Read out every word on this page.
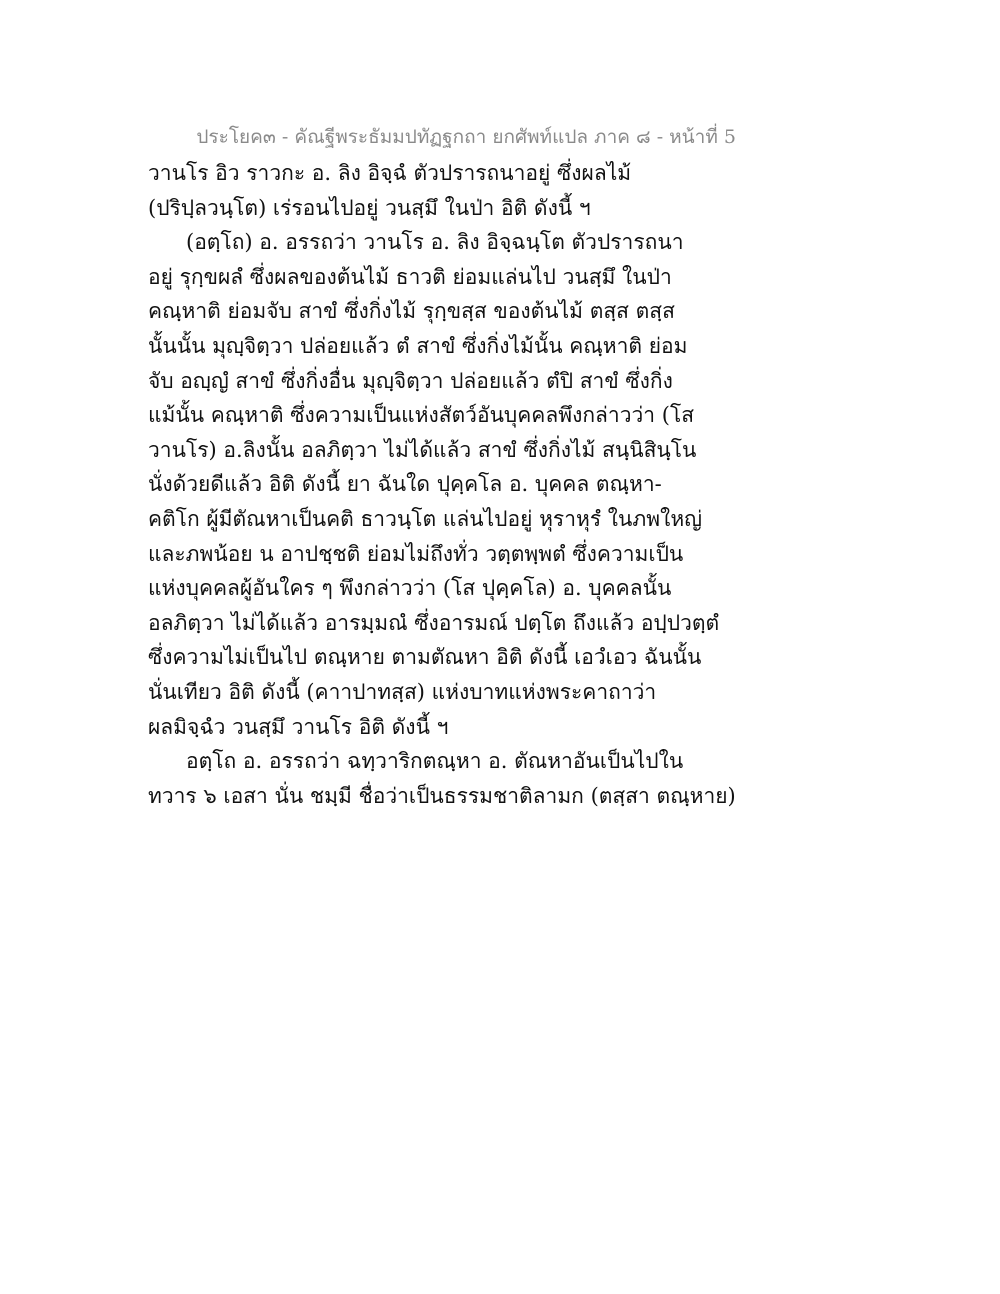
ประโยค๓ - คัณฐีพระธัมมปทัฏฐกถา ยกศัพท์แปล ภาค ๘ - หน้าที่ 5
วานโร อิว ราวกะ อ. ลิง อิจฺฉํ ตัวปรารถนาอยู่ ซึ่งผลไม้
(ปริปฺลวนฺโต) เร่รอนไปอยู่ วนสฺมึ ในป่า อิติ ดังนี้ ฯ
(อตฺโถ) อ. อรรถว่า วานโร อ. ลิง อิจฺฉนฺโต ตัวปรารถนา
อยู่ รุกฺขผลํ ซึ่งผลของต้นไม้ ธาวติ ย่อมแล่นไป วนสฺมึ ในป่า
คณฺหาติ ย่อมจับ สาขํ ซึ่งกิ่งไม้ รุกฺขสฺส ของต้นไม้ ตสฺส ตสฺส
นั้นนั้น มุญฺจิตฺวา ปล่อยแล้ว ตํ สาขํ ซึ่งกิ่งไม้นั้น คณฺหาติ ย่อม
จับ อญฺญํ สาขํ ซึ่งกิ่งอื่น มุญฺจิตฺวา ปล่อยแล้ว ตํปิ สาขํ ซึ่งกิ่ง
แม้นั้น คณฺหาติ ซึ่งความเป็นแห่งสัตว์อันบุคคลพึงกล่าวว่า (โส
วานโร) อ.ลิงนั้น อลภิตฺวา ไม่ได้แล้ว สาขํ ซึ่งกิ่งไม้ สนฺนิสินฺโน
นั่งด้วยดีแล้ว อิติ ดังนี้ ยา ฉันใด ปุคฺคโล อ. บุคคล ตณฺหา-
คติโก ผู้มีตัณหาเป็นคติ ธาวนฺโต แล่นไปอยู่ หุราหุรํ ในภพใหญ่
และภพน้อย น อาปชฺชติ ย่อมไม่ถึงทั่ว วตฺตพฺพตํ ซึ่งความเป็น
แห่งบุคคลผู้อันใคร ๆ พึงกล่าวว่า (โส ปุคฺคโล) อ. บุคคลนั้น
อลภิตฺวา ไม่ได้แล้ว อารมฺมณํ ซึ่งอารมณ์ ปตฺโต ถึงแล้ว อปฺปวตฺตํ
ซึ่งความไม่เป็นไป ตณฺหาย ตามตัณหา อิติ ดังนี้ เอวํเอว ฉันนั้น
นั่นเทียว อิติ ดังนี้ (คาาปาทสฺส) แห่งบาทแห่งพระคาถาว่า
ผลมิจฺฉํว วนสฺมึ วานโร อิติ ดังนี้ ฯ
อตฺโถ อ. อรรถว่า ฉทฺวาริกตณฺหา อ. ตัณหาอันเป็นไปใน
ทวาร ๖ เอสา นั่น ชมฺมี ชื่อว่าเป็นธรรมชาติลามก (ตสฺสา ตณฺหาย)
